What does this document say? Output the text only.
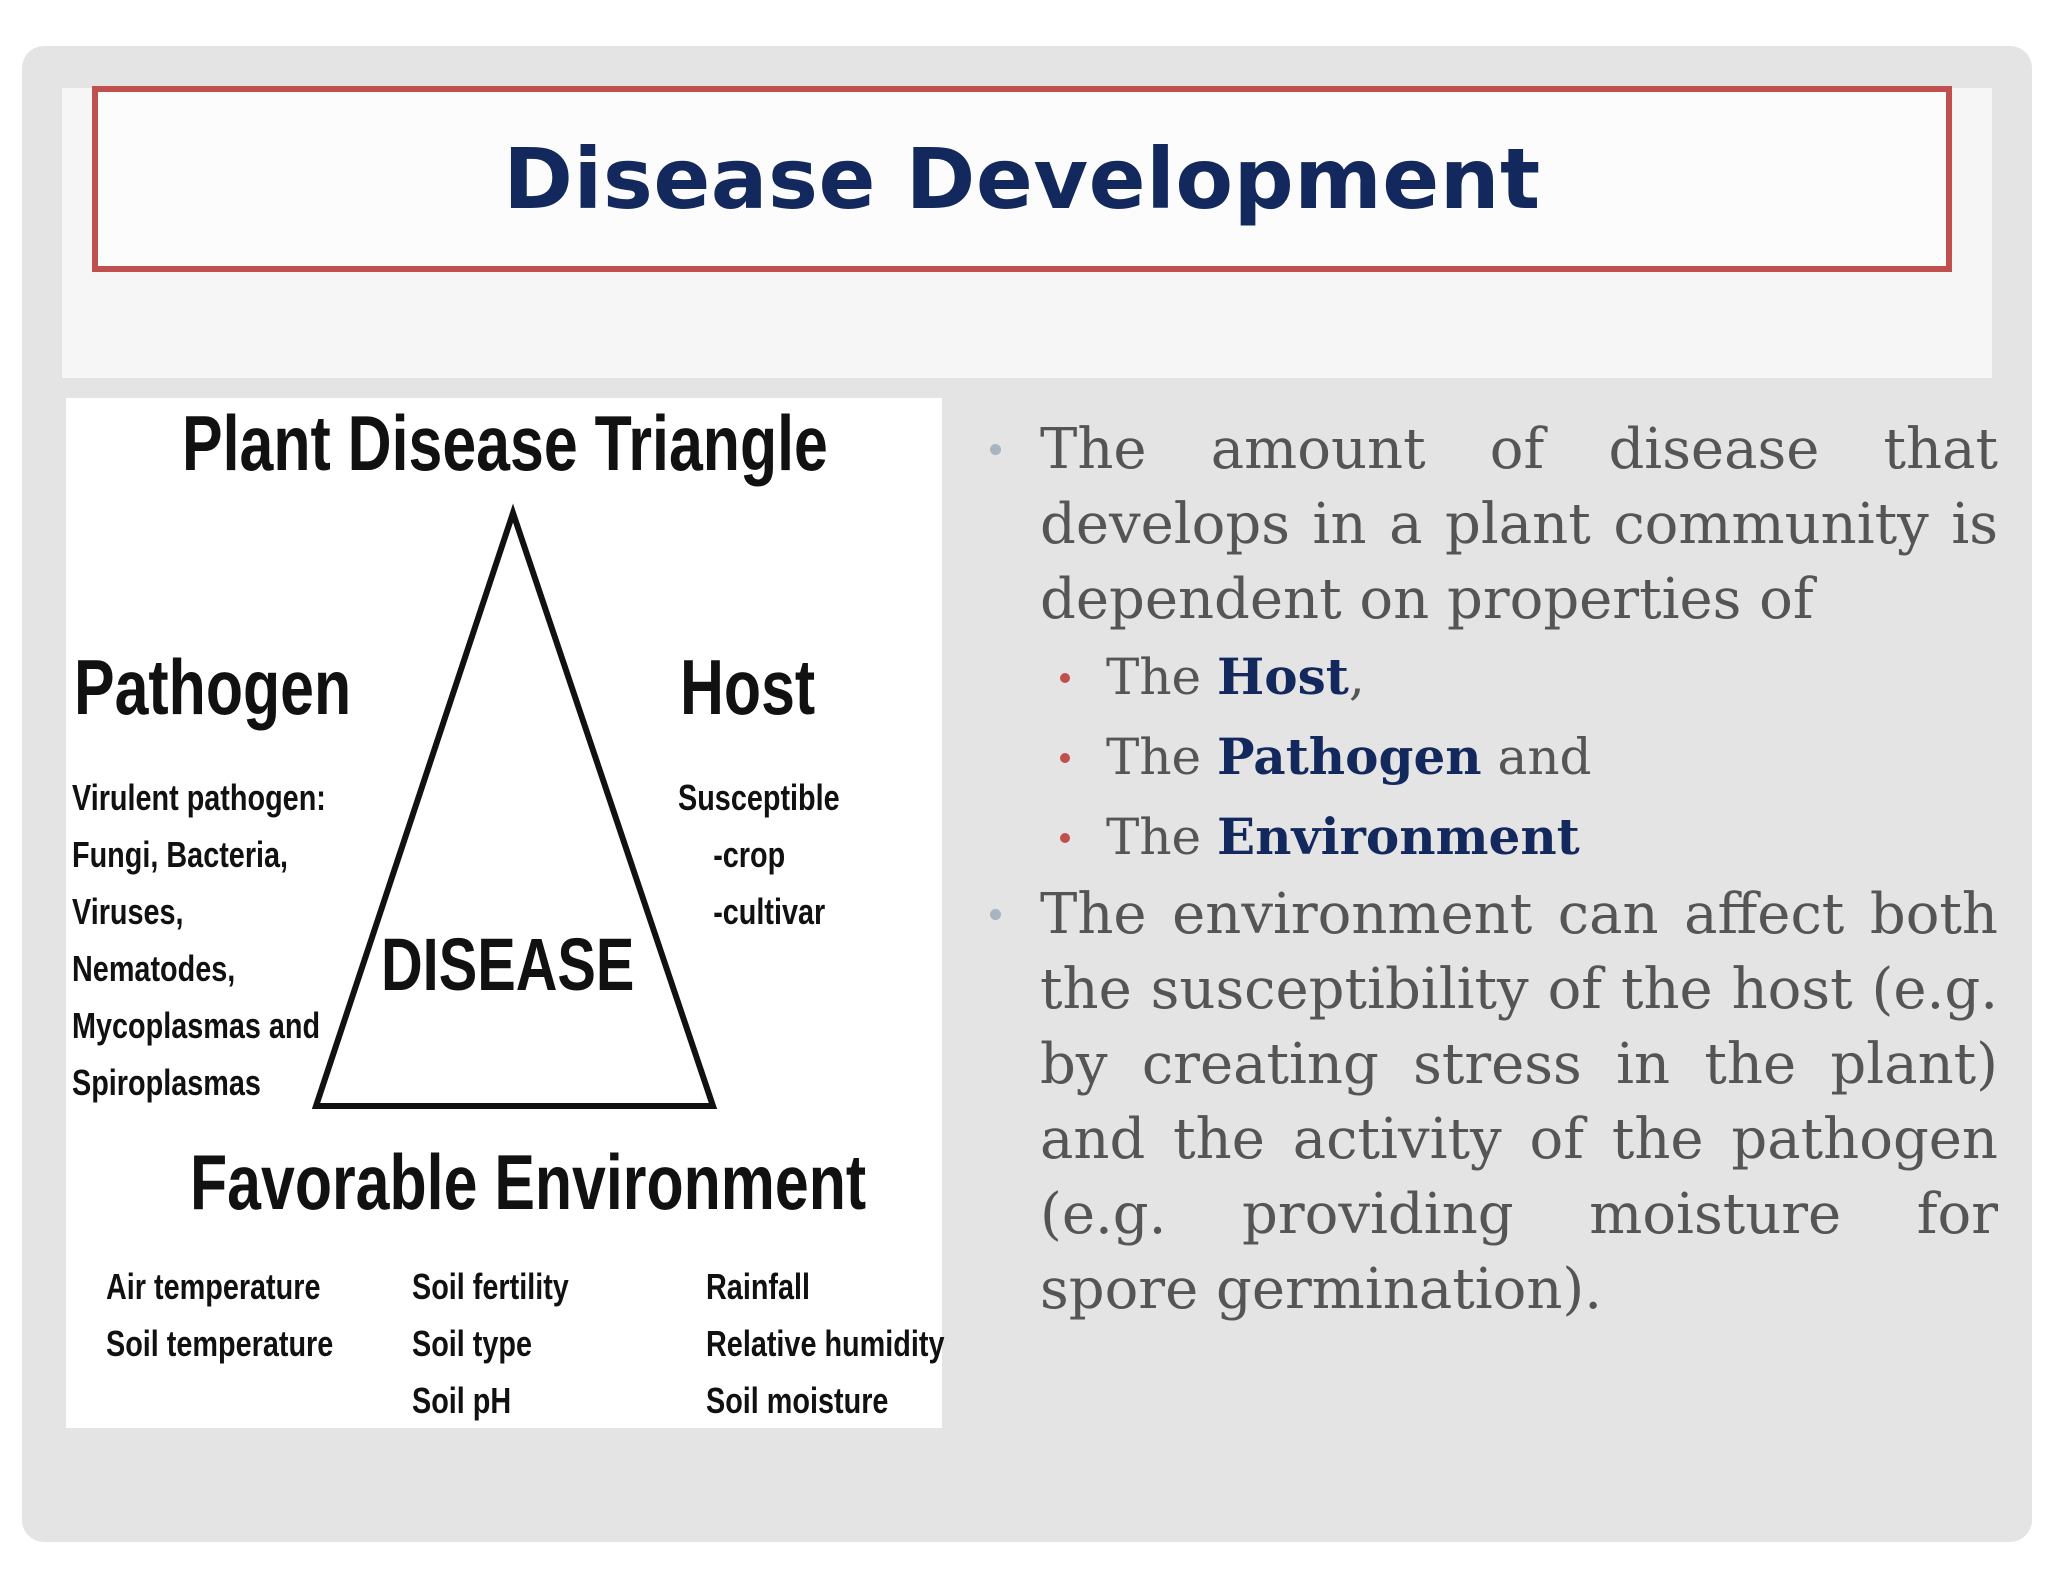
Disease Development
Plant Disease Triangle
DISEASE
Pathogen
Virulent pathogen:
Fungi, Bacteria,
Viruses,
Nematodes,
Mycoplasmas and
Spiroplasmas
Host
Susceptible
-crop
-cultivar
Favorable Environment
Air temperature
Soil temperature
Soil fertility
Soil type
Soil pH
Rainfall
Relative humidity
Soil moisture
The amount of disease that develops in a plant community is dependent on properties of
The Host,
The Pathogen and
The Environment
The environment can affect both the susceptibility of the host (e.g. by creating stress in the plant) and the activity of the pathogen (e.g. providing moisture for spore germination).
